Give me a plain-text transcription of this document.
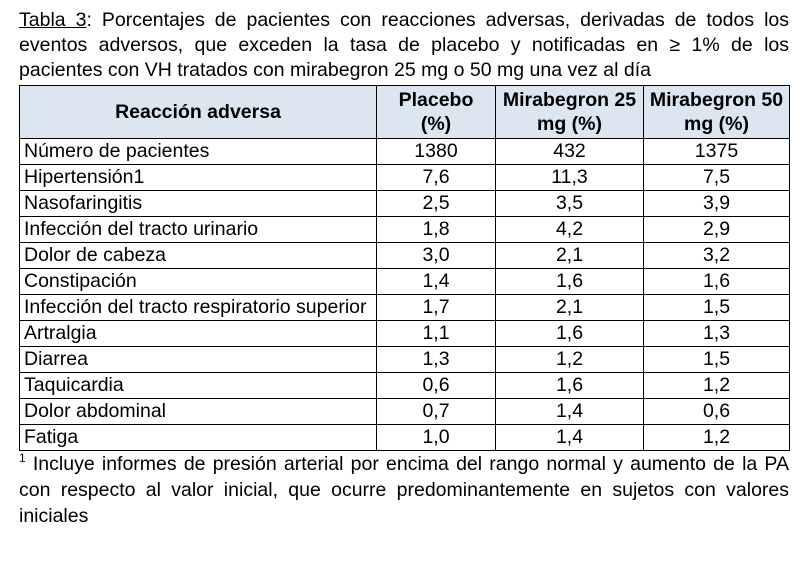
Tabla 3: Porcentajes de pacientes con reacciones adversas, derivadas de todos los eventos adversos, que exceden la tasa de placebo y notificadas en ≥ 1% de los pacientes con VH tratados con mirabegron 25 mg o 50 mg una vez al día

Reacción adversa	Placebo (%)	Mirabegron 25 mg (%)	Mirabegron 50 mg (%)
Número de pacientes	1380	432	1375
Hipertensión1	7,6	11,3	7,5
Nasofaringitis	2,5	3,5	3,9
Infección del tracto urinario	1,8	4,2	2,9
Dolor de cabeza	3,0	2,1	3,2
Constipación	1,4	1,6	1,6
Infección del tracto respiratorio superior	1,7	2,1	1,5
Artralgia	1,1	1,6	1,3
Diarrea	1,3	1,2	1,5
Taquicardia	0,6	1,6	1,2
Dolor abdominal	0,7	1,4	0,6
Fatiga	1,0	1,4	1,2

$^1$ Incluye informes de presión arterial por encima del rango normal y aumento de la PA con respecto al valor inicial, que ocurre predominantemente en sujetos con valores iniciales
